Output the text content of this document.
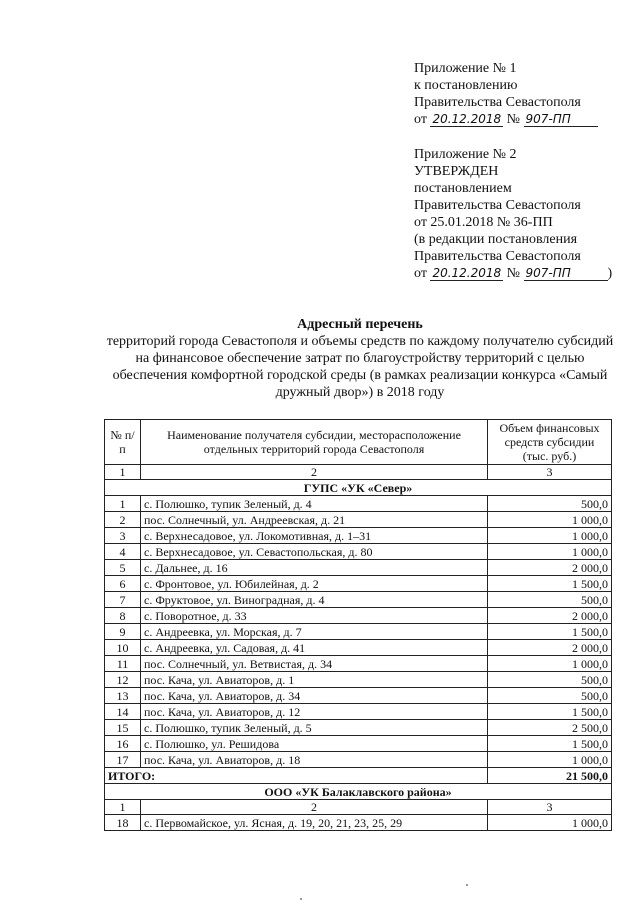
Приложение № 1
к постановлению
Правительства Севастополя
от 20.12.2018 № 907-ПП
Приложение № 2
УТВЕРЖДЕН
постановлением
Правительства Севастополя
от 25.01.2018 № 36-ПП
(в редакции постановления
Правительства Севастополя
от 20.12.2018 № 907-ПП	)
Адресный перечень
территорий города Севастополя и объемы средств по каждому получателю субсидий на финансовое обеспечение затрат по благоустройству территорий с целью обеспечения комфортной городской среды (в рамках реализации конкурса «Самый дружный двор») в 2018 году
№ п/п	Наименование получателя субсидии, месторасположение отдельных территорий города Севастополя	Объем финансовых средств субсидии (тыс. руб.)
1	2	3
ГУПС «УК «Север»		
1	с. Полюшко, тупик Зеленый, д. 4	500,0
2	пос. Солнечный, ул. Андреевская, д. 21	1 000,0
3	с. Верхнесадовое, ул. Локомотивная, д. 1–31	1 000,0
4	с. Верхнесадовое, ул. Севастопольская, д. 80	1 000,0
5	с. Дальнее, д. 16	2 000,0
6	с. Фронтовое, ул. Юбилейная, д. 2	1 500,0
7	с. Фруктовое, ул. Виноградная, д. 4	500,0
8	с. Поворотное, д. 33	2 000,0
9	с. Андреевка, ул. Морская, д. 7	1 500,0
10	с. Андреевка, ул. Садовая, д. 41	2 000,0
11	пос. Солнечный, ул. Ветвистая, д. 34	1 000,0
12	пос. Кача, ул. Авиаторов, д. 1	500,0
13	пос. Кача, ул. Авиаторов, д. 34	500,0
14	пос. Кача, ул. Авиаторов, д. 12	1 500,0
15	с. Полюшко, тупик Зеленый, д. 5	2 500,0
16	с. Полюшко, ул. Решидова	1 500,0
17	пос. Кача, ул. Авиаторов, д. 18	1 000,0
ИТОГО:		21 500,0
ООО «УК Балаклавского района»		
1	2	3
18	с. Первомайское, ул. Ясная, д. 19, 20, 21, 23, 25, 29	1 000,0
